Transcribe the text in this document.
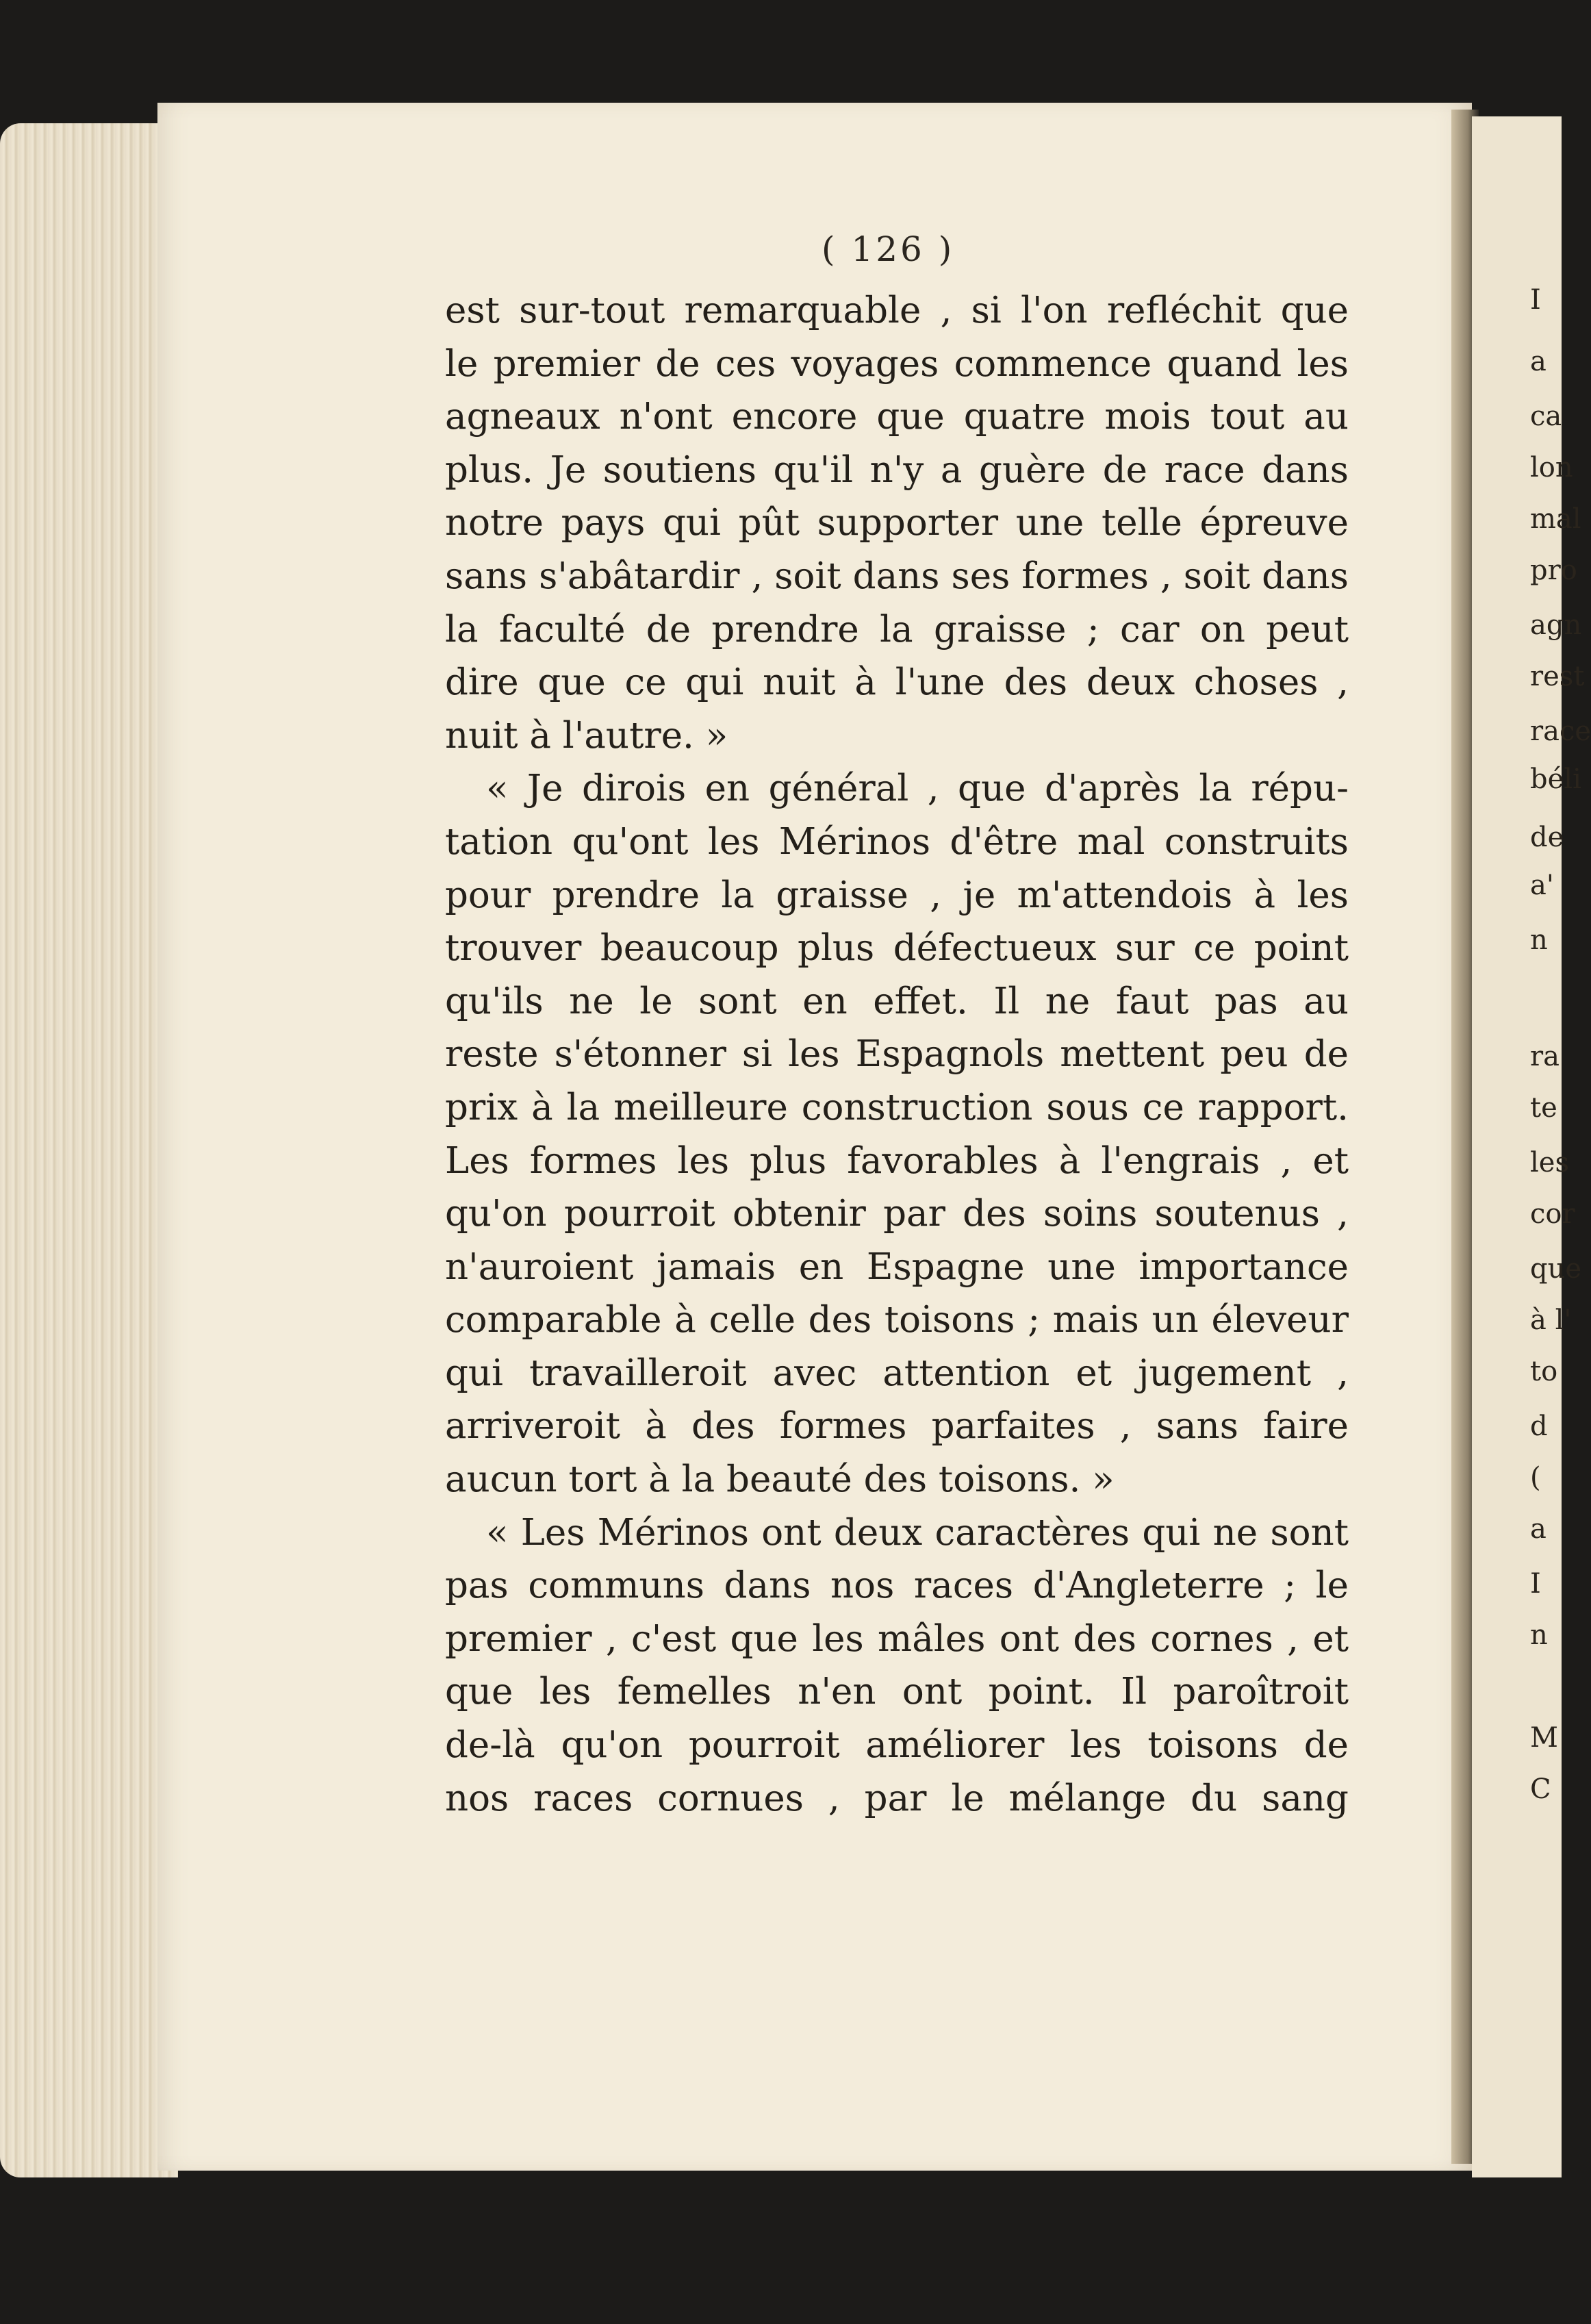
I
a
ca
lon
mal
pro
agn
rest
race
béli
de
a'
n
ra
te
les
cor
que
à l'
to
d
(
a
I
n
M
C
( 126 )
est sur-tout remarquable , si l'on refléchit que
le premier de ces voyages commence quand les
agneaux n'ont encore que quatre mois tout au
plus. Je soutiens qu'il n'y a guère de race dans
notre pays qui pût supporter une telle épreuve
sans s'abâtardir , soit dans ses formes , soit dans
la faculté de prendre la graisse ; car on peut
dire que ce qui nuit à l'une des deux choses ,
nuit à l'autre. »
« Je dirois en général , que d'après la répu-
tation qu'ont les Mérinos d'être mal construits
pour prendre la graisse , je m'attendois à les
trouver beaucoup plus défectueux sur ce point
qu'ils ne le sont en effet. Il ne faut pas au
reste s'étonner si les Espagnols mettent peu de
prix à la meilleure construction sous ce rapport.
Les formes les plus favorables à l'engrais , et
qu'on pourroit obtenir par des soins soutenus ,
n'auroient jamais en Espagne une importance
comparable à celle des toisons ; mais un éleveur
qui travailleroit avec attention et jugement ,
arriveroit à des formes parfaites , sans faire
aucun tort à la beauté des toisons. »
« Les Mérinos ont deux caractères qui ne sont
pas communs dans nos races d'Angleterre ; le
premier , c'est que les mâles ont des cornes , et
que les femelles n'en ont point. Il paroîtroit
de-là qu'on pourroit améliorer les toisons de
nos races cornues , par le mélange du sang
